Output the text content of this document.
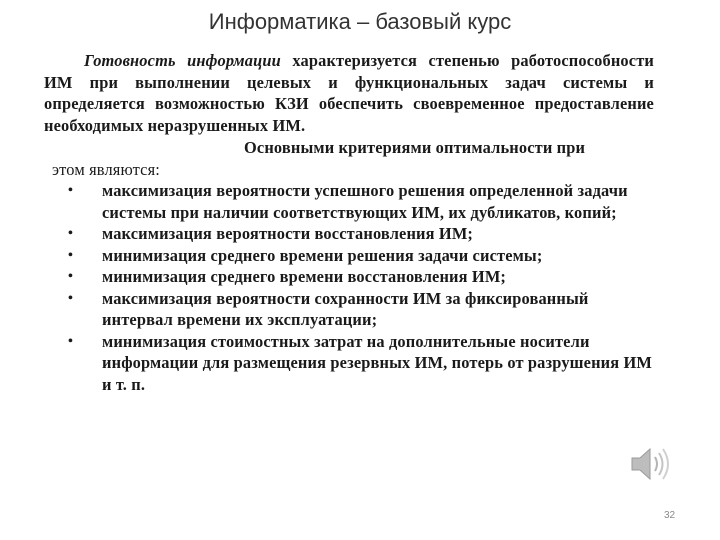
Информатика – базовый курс
Готовность информации характеризуется степенью работоспособности ИМ при выполнении целевых и функциональных задач системы и определяется возможностью КЗИ обеспечить своевременное предоставление необходимых неразрушенных ИМ.
Основными критериями оптимальности при
этом являются:
• максимизация вероятности успешного решения определенной задачи системы при наличии соответствующих ИМ, их дубликатов, копий;
• максимизация вероятности восстановления ИМ;
• минимизация среднего времени решения задачи системы;
• минимизация среднего времени восстановления ИМ;
• максимизация вероятности сохранности ИМ за фиксированный интервал времени их эксплуатации;
• минимизация стоимостных затрат на дополнительные носители информации для размещения резервных ИМ, потерь от разрушения ИМ и т. п.
32
